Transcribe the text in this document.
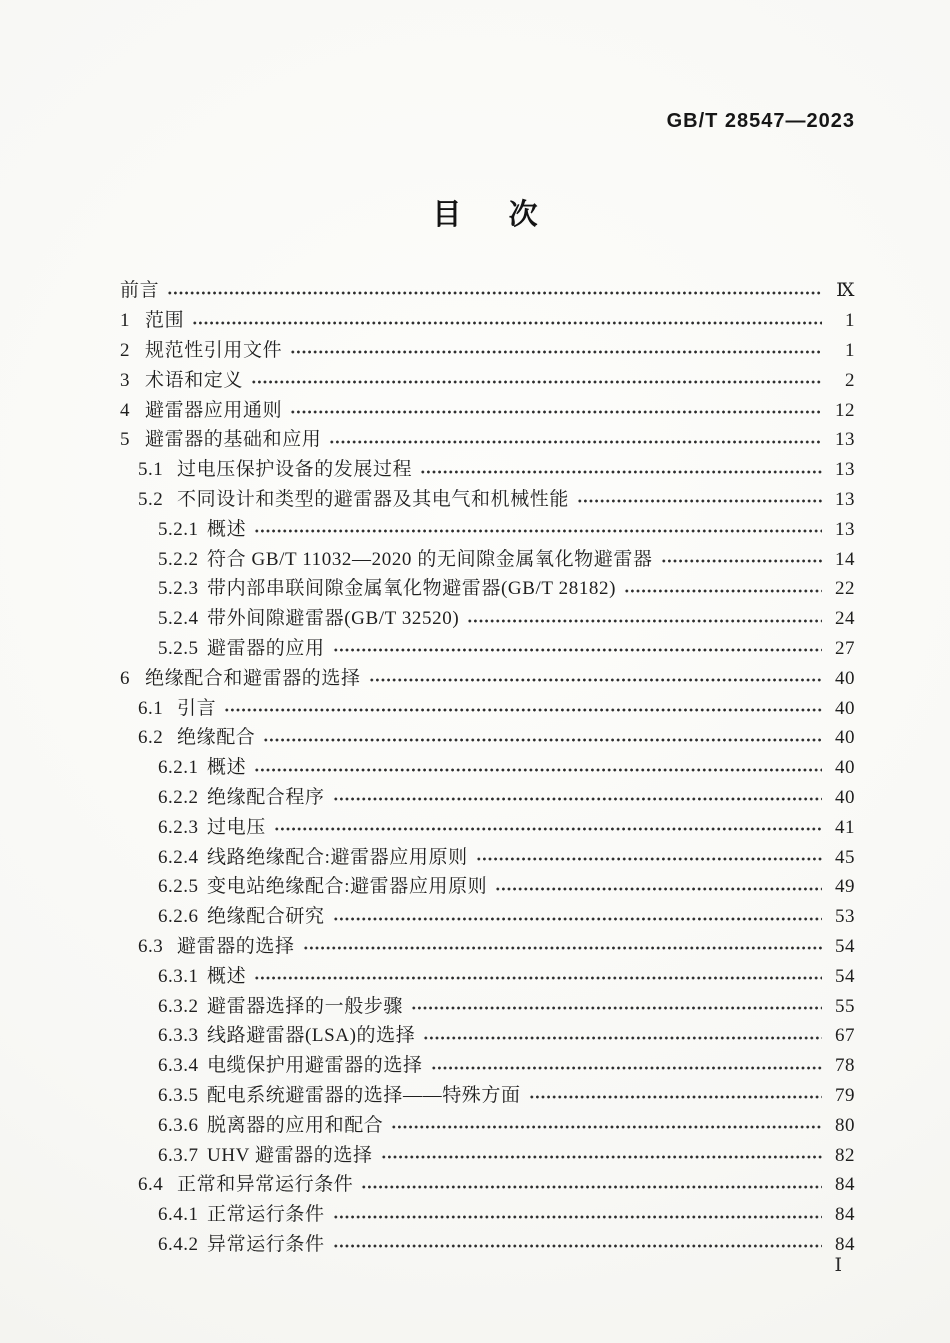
GB/T 28547—2023
目 次
前言	Ⅸ
1 范围	1
2 规范性引用文件	1
3 术语和定义	2
4 避雷器应用通则	12
5 避雷器的基础和应用	13
5.1 过电压保护设备的发展过程	13
5.2 不同设计和类型的避雷器及其电气和机械性能	13
5.2.1 概述	13
5.2.2 符合 GB/T 11032—2020 的无间隙金属氧化物避雷器	14
5.2.3 带内部串联间隙金属氧化物避雷器(GB/T 28182)	22
5.2.4 带外间隙避雷器(GB/T 32520)	24
5.2.5 避雷器的应用	27
6 绝缘配合和避雷器的选择	40
6.1 引言	40
6.2 绝缘配合	40
6.2.1 概述	40
6.2.2 绝缘配合程序	40
6.2.3 过电压	41
6.2.4 线路绝缘配合:避雷器应用原则	45
6.2.5 变电站绝缘配合:避雷器应用原则	49
6.2.6 绝缘配合研究	53
6.3 避雷器的选择	54
6.3.1 概述	54
6.3.2 避雷器选择的一般步骤	55
6.3.3 线路避雷器(LSA)的选择	67
6.3.4 电缆保护用避雷器的选择	78
6.3.5 配电系统避雷器的选择——特殊方面	79
6.3.6 脱离器的应用和配合	80
6.3.7 UHV 避雷器的选择	82
6.4 正常和异常运行条件	84
6.4.1 正常运行条件	84
6.4.2 异常运行条件	84
Ⅰ
